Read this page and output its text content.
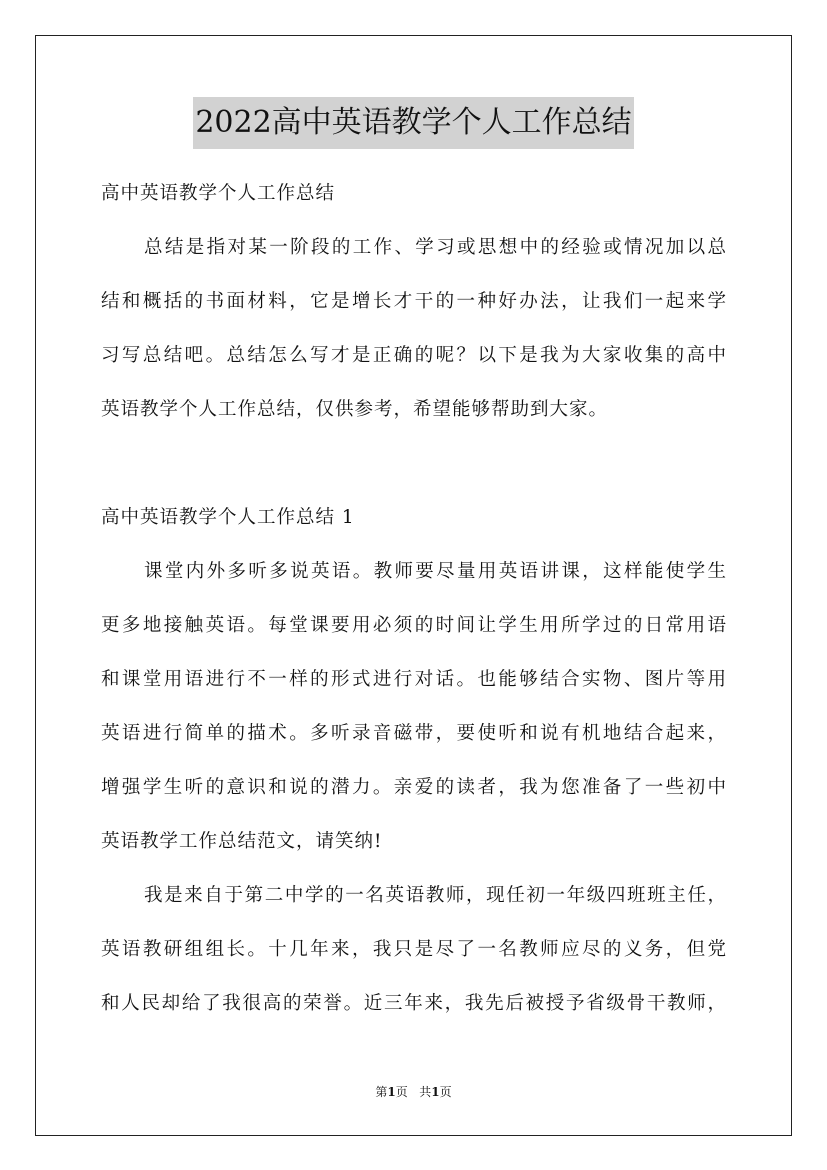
2022高中英语教学个人工作总结
高中英语教学个人工作总结
总结是指对某一阶段的工作、学习或思想中的经验或情况加以总
结和概括的书面材料，它是增长才干的一种好办法，让我们一起来学
习写总结吧。总结怎么写才是正确的呢？以下是我为大家收集的高中
英语教学个人工作总结，仅供参考，希望能够帮助到大家。
高中英语教学个人工作总结 1
课堂内外多听多说英语。教师要尽量用英语讲课，这样能使学生
更多地接触英语。每堂课要用必须的时间让学生用所学过的日常用语
和课堂用语进行不一样的形式进行对话。也能够结合实物、图片等用
英语进行简单的描术。多听录音磁带，要使听和说有机地结合起来，
增强学生听的意识和说的潜力。亲爱的读者，我为您准备了一些初中
英语教学工作总结范文，请笑纳!
我是来自于第二中学的一名英语教师，现任初一年级四班班主任，
英语教研组组长。十几年来，我只是尽了一名教师应尽的义务，但党
和人民却给了我很高的荣誉。近三年来，我先后被授予省级骨干教师，
第1页 共1页
